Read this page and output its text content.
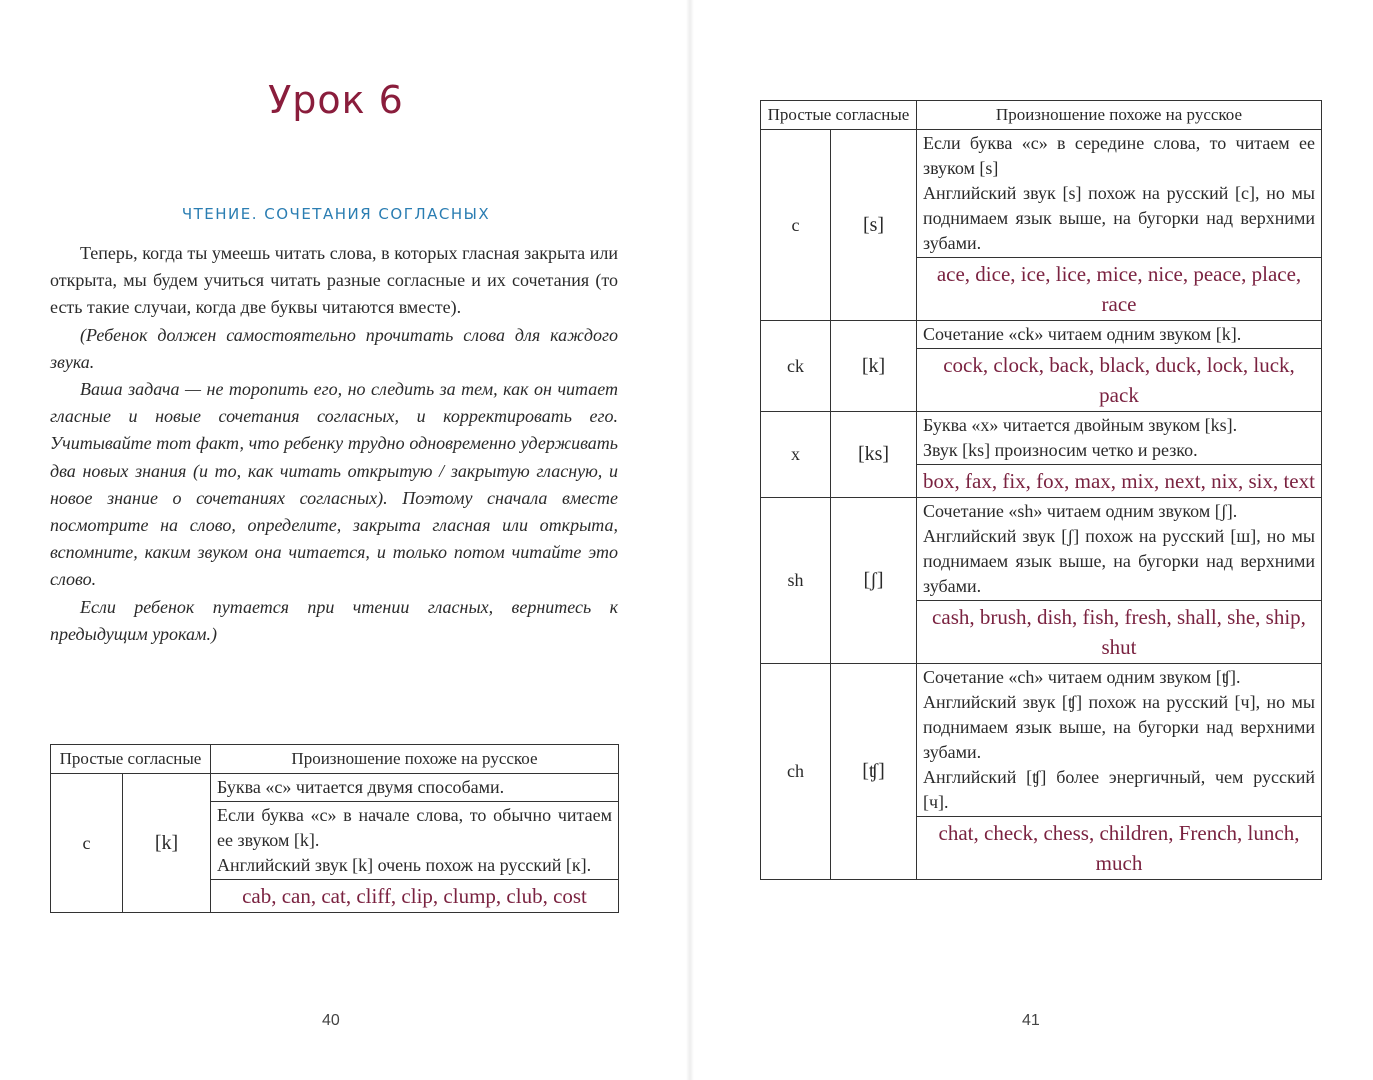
Урок 6
ЧТЕНИЕ. СОЧЕТАНИЯ СОГЛАСНЫХ

Теперь, когда ты умеешь читать слова, в которых гласная закрыта или открыта, мы будем учиться читать разные согласные и их сочетания (то есть такие случаи, когда две буквы читаются вместе).

(Ребенок должен самостоятельно прочитать слова для каждого звука.

Ваша задача — не торопить его, но следить за тем, как он читает гласные и новые сочетания согласных, и корректировать его. Учитывайте тот факт, что ребенку трудно одновременно удерживать два новых знания (и то, как читать открытую / закрытую гласную, и новое знание о сочетаниях согласных). Поэтому сначала вместе посмотрите на слово, определите, закрыта гласная или открыта, вспомните, каким звуком она читается, и только потом читайте это слово.

Если ребенок путается при чтении гласных, вернитесь к предыдущим урокам.)

Простые согласные		Произношение похоже на русское
c	[k]	Буква «с» читается двумя способами.

		Если буква «с» в начале слова, то обычно читаем ее звуком [k].
Английский звук [k] очень похож на русский [к].

		cab, can, cat, cliff, clip, clump, club, cost
40
Простые согласные		Произношение похоже на русское
c	[s]	Если буква «с» в середине слова, то читаем ее звуком [s]
Английский звук [s] похож на русский [с], но мы поднимаем язык выше, на бугорки над верхними зубами.

		ace, dice, ice, lice, mice, nice, peace, place, race
ck	[k]	Сочетание «ck» читаем одним звуком [k].

		cock, clock, back, black, duck, lock, luck, pack
x	[ks]	Буква «x» читается двойным звуком [ks].
Звук [ks] произносим четко и резко.

		box, fax, fix, fox, max, mix, next, nix, six, text
sh	[ʃ]	Сочетание «sh» читаем одним звуком [ʃ].
Английский звук [ʃ] похож на русский [ш], но мы поднимаем язык выше, на бугорки над верхними зубами.

		cash, brush, dish, fish, fresh, shall, she, ship, shut
ch	[ʧ]	Сочетание «ch» читаем одним звуком [ʧ].
Английский звук [ʧ] похож на русский [ч], но мы поднимаем язык выше, на бугорки над верхними зубами.
Английский [ʧ] более энергичный, чем русский [ч].

		chat, check, chess, children, French, lunch, much
41
